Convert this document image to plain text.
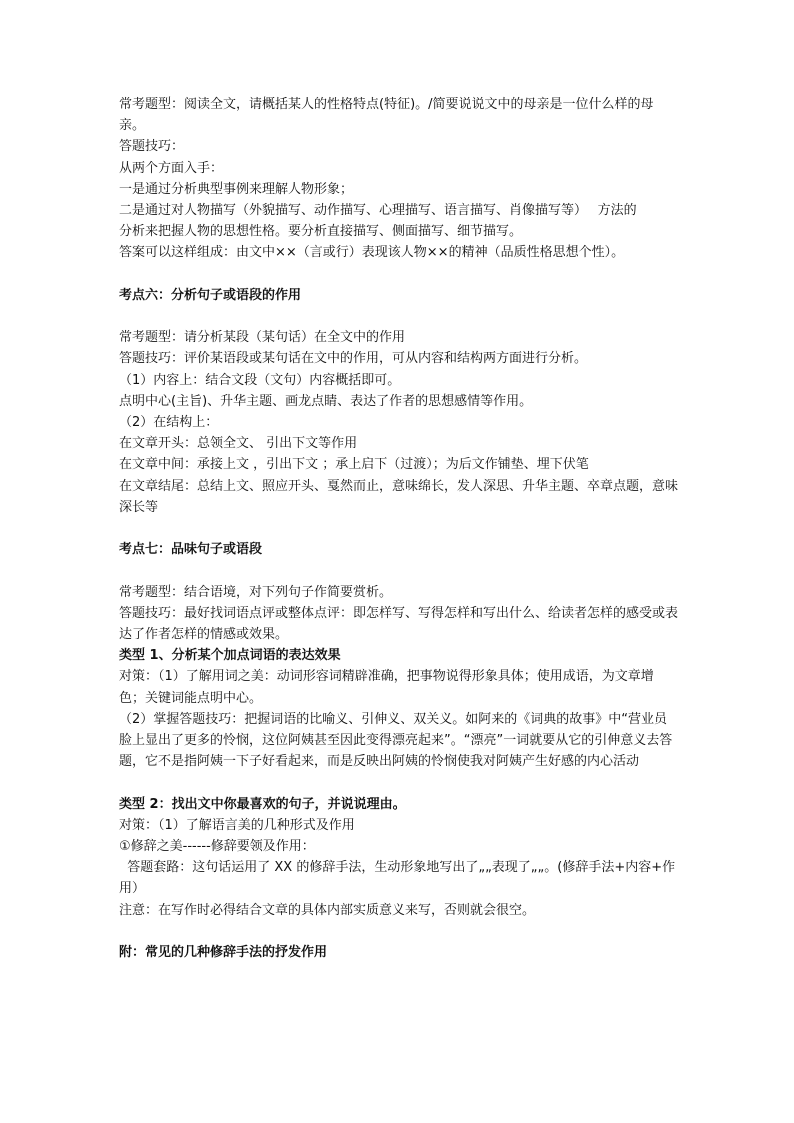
常考题型：阅读全文，请概括某人的性格特点(特征)。/简要说说文中的母亲是一位什么样的母亲。

答题技巧：

从两个方面入手：

一是通过分析典型事例来理解人物形象；

二是通过对人物描写（外貌描写、动作描写、心理描写、语言描写、肖像描写等）　 方法的

分析来把握人物的思想性格。要分析直接描写、侧面描写、细节描写。

答案可以这样组成：由文中××（言或行）表现该人物××的精神（品质性格思想个性）。

考点六：分析句子或语段的作用

常考题型：请分析某段（某句话）在全文中的作用

答题技巧：评价某语段或某句话在文中的作用，可从内容和结构两方面进行分析。

（1）内容上：结合文段（文句）内容概括即可。

点明中心(主旨)、升华主题、画龙点睛、表达了作者的思想感情等作用。

（2）在结构上：

在文章开头：总领全文、 引出下文等作用

在文章中间：承接上文 ，引出下文 ；承上启下（过渡）；为后文作铺垫、埋下伏笔

在文章结尾：总结上文、照应开头、戛然而止，意味绵长，发人深思、升华主题、卒章点题，意味深长等

考点七：品味句子或语段

常考题型：结合语境，对下列句子作简要赏析。

答题技巧：最好找词语点评或整体点评：即怎样写、写得怎样和写出什么、给读者怎样的感受或表达了作者怎样的情感或效果。

类型 1、分析某个加点词语的表达效果

对策：（1）了解用词之美：动词形容词精辟准确，把事物说得形象具体；使用成语，为文章增色；关键词能点明中心。

（2）掌握答题技巧：把握词语的比喻义、引伸义、双关义。如阿来的《词典的故事》中“营业员脸上显出了更多的怜悯，这位阿姨甚至因此变得漂亮起来”。“漂亮”一词就要从它的引伸意义去答题，它不是指阿姨一下子好看起来，而是反映出阿姨的怜悯使我对阿姨产生好感的内心活动

类型 2：找出文中你最喜欢的句子，并说说理由。

对策：（1）了解语言美的几种形式及作用

①修辞之美------修辞要领及作用：

答题套路：这句话运用了 XX 的修辞手法，生动形象地写出了„„表现了„„。(修辞手法+内容+作用）

注意：在写作时必得结合文章的具体内部实质意义来写，否则就会很空。

附：常见的几种修辞手法的抒发作用
